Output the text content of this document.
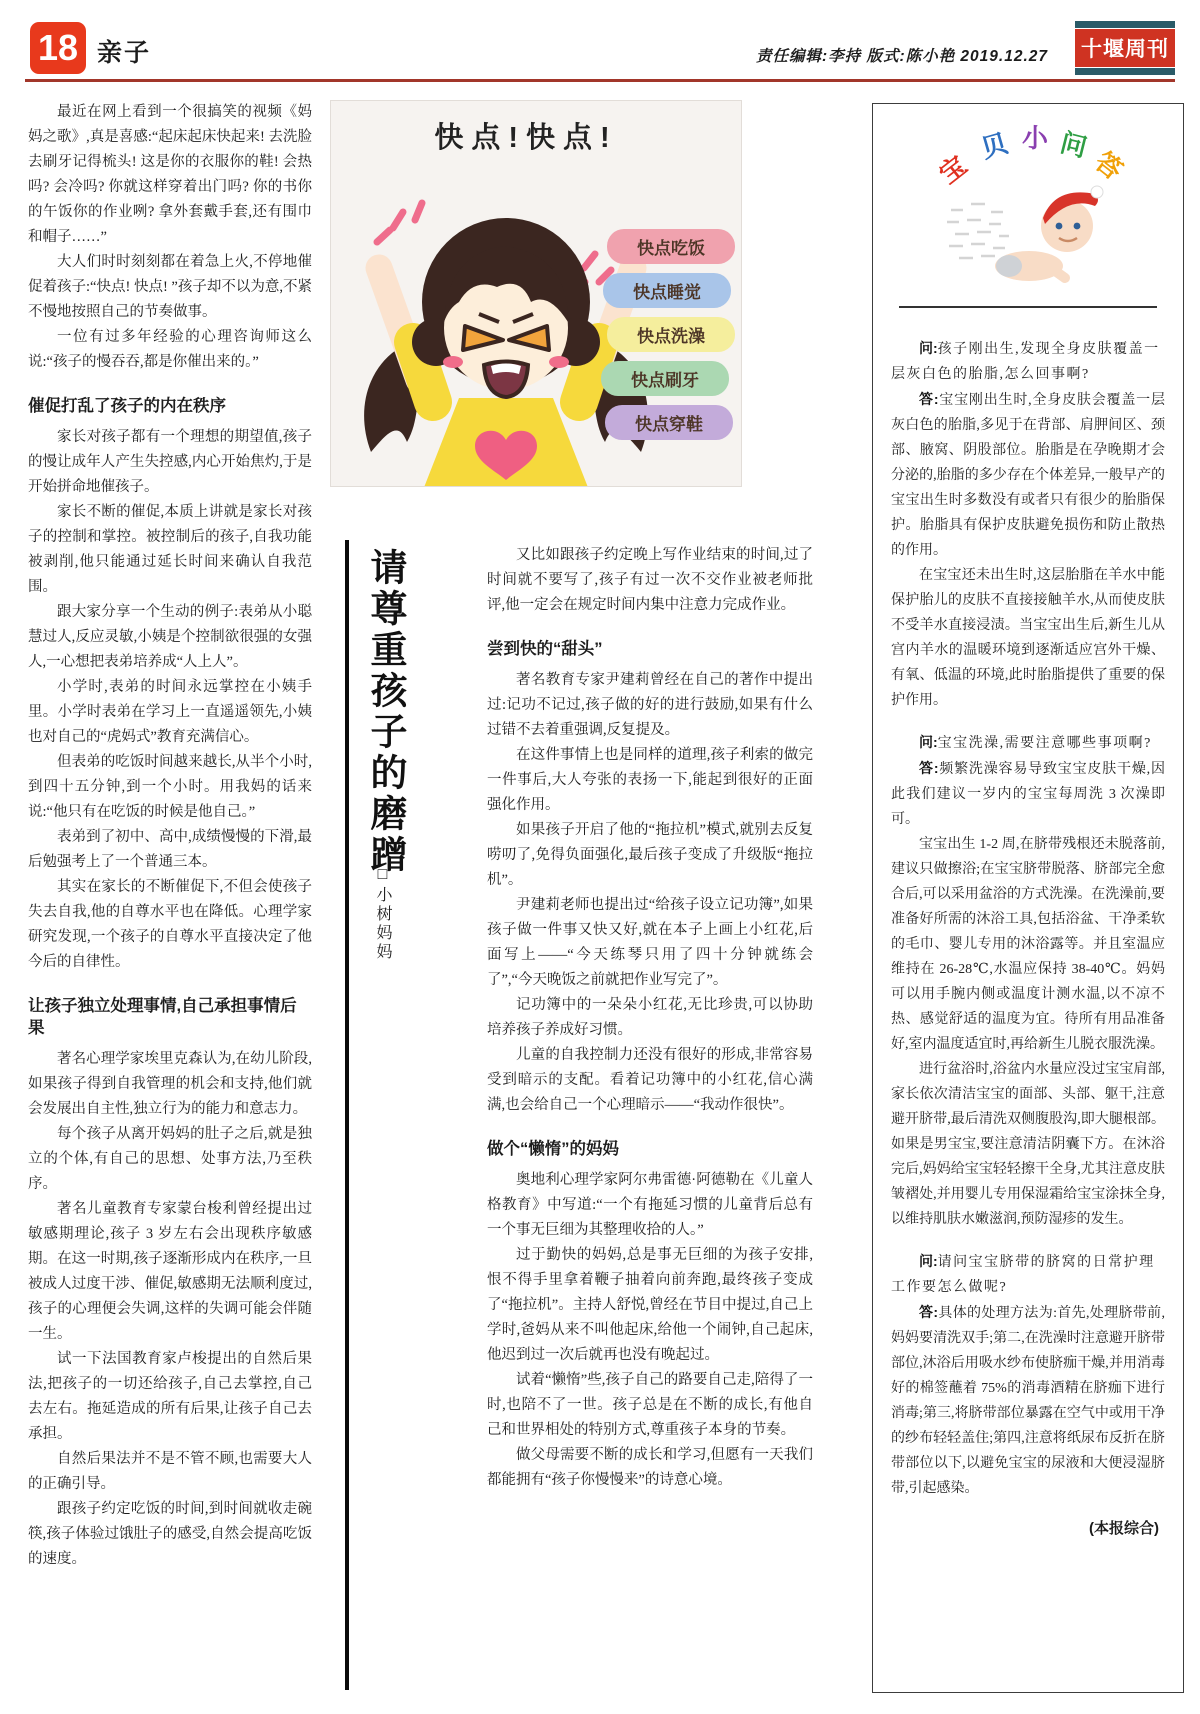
18 亲子	责任编辑:李持 版式:陈小艳 2019.12.27 十堰周刊

最近在网上看到一个很搞笑的视频《妈妈之歌》,真是喜感:“起床起床快起来! 去洗脸去刷牙记得梳头! 这是你的衣服你的鞋! 会热吗? 会冷吗? 你就这样穿着出门吗? 你的书你的午饭你的作业咧? 拿外套戴手套,还有围巾和帽子……”

大人们时时刻刻都在着急上火,不停地催促着孩子:“快点! 快点! ”孩子却不以为意,不紧不慢地按照自己的节奏做事。

一位有过多年经验的心理咨询师这么说:“孩子的慢吞吞,都是你催出来的。”

催促打乱了孩子的内在秩序

家长对孩子都有一个理想的期望值,孩子的慢让成年人产生失控感,内心开始焦灼,于是开始拼命地催孩子。

家长不断的催促,本质上讲就是家长对孩子的控制和掌控。被控制后的孩子,自我功能被剥削,他只能通过延长时间来确认自我范围。

跟大家分享一个生动的例子:表弟从小聪慧过人,反应灵敏,小姨是个控制欲很强的女强人,一心想把表弟培养成“人上人”。

小学时,表弟的时间永远掌控在小姨手里。小学时表弟在学习上一直遥遥领先,小姨也对自己的“虎妈式”教育充满信心。

但表弟的吃饭时间越来越长,从半个小时,到四十五分钟,到一个小时。用我妈的话来说:“他只有在吃饭的时候是他自己。”

表弟到了初中、高中,成绩慢慢的下滑,最后勉强考上了一个普通三本。

其实在家长的不断催促下,不但会使孩子失去自我,他的自尊水平也在降低。心理学家研究发现,一个孩子的自尊水平直接决定了他今后的自律性。

让孩子独立处理事情,自己承担事情后果

著名心理学家埃里克森认为,在幼儿阶段,如果孩子得到自我管理的机会和支持,他们就会发展出自主性,独立行为的能力和意志力。

每个孩子从离开妈妈的肚子之后,就是独立的个体,有自己的思想、处事方法,乃至秩序。

著名儿童教育专家蒙台梭利曾经提出过敏感期理论,孩子 3 岁左右会出现秩序敏感期。在这一时期,孩子逐渐形成内在秩序,一旦被成人过度干涉、催促,敏感期无法顺利度过,孩子的心理便会失调,这样的失调可能会伴随一生。

试一下法国教育家卢梭提出的自然后果法,把孩子的一切还给孩子,自己去掌控,自己去左右。拖延造成的所有后果,让孩子自己去承担。

自然后果法并不是不管不顾,也需要大人的正确引导。

跟孩子约定吃饭的时间,到时间就收走碗筷,孩子体验过饿肚子的感受,自然会提高吃饭的速度。

快点!快点!
快点吃饭
快点睡觉
快点洗澡
快点刷牙
快点穿鞋
请尊重孩子的磨蹭
□小树妈妈

又比如跟孩子约定晚上写作业结束的时间,过了时间就不要写了,孩子有过一次不交作业被老师批评,他一定会在规定时间内集中注意力完成作业。

尝到快的“甜头”

著名教育专家尹建莉曾经在自己的著作中提出过:记功不记过,孩子做的好的进行鼓励,如果有什么过错不去着重强调,反复提及。

在这件事情上也是同样的道理,孩子利索的做完一件事后,大人夸张的表扬一下,能起到很好的正面强化作用。

如果孩子开启了他的“拖拉机”模式,就别去反复唠叨了,免得负面强化,最后孩子变成了升级版“拖拉机”。

尹建莉老师也提出过“给孩子设立记功簿”,如果孩子做一件事又快又好,就在本子上画上小红花,后面写上——“今天练琴只用了四十分钟就练会了”,“今天晚饭之前就把作业写完了”。

记功簿中的一朵朵小红花,无比珍贵,可以协助培养孩子养成好习惯。

儿童的自我控制力还没有很好的形成,非常容易受到暗示的支配。看着记功簿中的小红花,信心满满,也会给自己一个心理暗示——“我动作很快”。

做个“懒惰”的妈妈

奥地利心理学家阿尔弗雷德·阿德勒在《儿童人格教育》中写道:“一个有拖延习惯的儿童背后总有一个事无巨细为其整理收拾的人。”

过于勤快的妈妈,总是事无巨细的为孩子安排,恨不得手里拿着鞭子抽着向前奔跑,最终孩子变成了“拖拉机”。主持人舒悦,曾经在节目中提过,自己上学时,爸妈从来不叫他起床,给他一个闹钟,自己起床,他迟到过一次后就再也没有晚起过。

试着“懒惰”些,孩子自己的路要自己走,陪得了一时,也陪不了一世。孩子总是在不断的成长,有他自己和世界相处的特别方式,尊重孩子本身的节奏。

做父母需要不断的成长和学习,但愿有一天我们都能拥有“孩子你慢慢来”的诗意心境。

宝
贝 小 问
答

问:孩子刚出生,发现全身皮肤覆盖一层灰白色的胎脂,怎么回事啊?

答:宝宝刚出生时,全身皮肤会覆盖一层灰白色的胎脂,多见于在背部、肩胛间区、颈部、腋窝、阴股部位。胎脂是在孕晚期才会分泌的,胎脂的多少存在个体差异,一般早产的宝宝出生时多数没有或者只有很少的胎脂保护。胎脂具有保护皮肤避免损伤和防止散热的作用。

在宝宝还未出生时,这层胎脂在羊水中能保护胎儿的皮肤不直接接触羊水,从而使皮肤不受羊水直接浸渍。当宝宝出生后,新生儿从宫内羊水的温暖环境到逐渐适应宫外干燥、有氧、低温的环境,此时胎脂提供了重要的保护作用。

问:宝宝洗澡,需要注意哪些事项啊?

答:频繁洗澡容易导致宝宝皮肤干燥,因此我们建议一岁内的宝宝每周洗 3 次澡即可。

宝宝出生 1-2 周,在脐带残根还未脱落前,建议只做擦浴;在宝宝脐带脱落、脐部完全愈合后,可以采用盆浴的方式洗澡。在洗澡前,要准备好所需的沐浴工具,包括浴盆、干净柔软的毛巾、婴儿专用的沐浴露等。并且室温应维持在 26-28℃,水温应保持 38-40℃。妈妈可以用手腕内侧或温度计测水温,以不凉不热、感觉舒适的温度为宜。待所有用品准备好,室内温度适宜时,再给新生儿脱衣服洗澡。

进行盆浴时,浴盆内水量应没过宝宝肩部,家长依次清洁宝宝的面部、头部、躯干,注意避开脐带,最后清洗双侧腹股沟,即大腿根部。如果是男宝宝,要注意清洁阴囊下方。在沐浴完后,妈妈给宝宝轻轻擦干全身,尤其注意皮肤皱褶处,并用婴儿专用保湿霜给宝宝涂抹全身,以维持肌肤水嫩滋润,预防湿疹的发生。

问:请问宝宝脐带的脐窝的日常护理工作要怎么做呢?

答:具体的处理方法为:首先,处理脐带前,妈妈要清洗双手;第二,在洗澡时注意避开脐带部位,沐浴后用吸水纱布使脐痂干燥,并用消毒好的棉签蘸着 75%的消毒酒精在脐痂下进行消毒;第三,将脐带部位暴露在空气中或用干净的纱布轻轻盖住;第四,注意将纸尿布反折在脐带部位以下,以避免宝宝的尿液和大便浸湿脐带,引起感染。

(本报综合)
